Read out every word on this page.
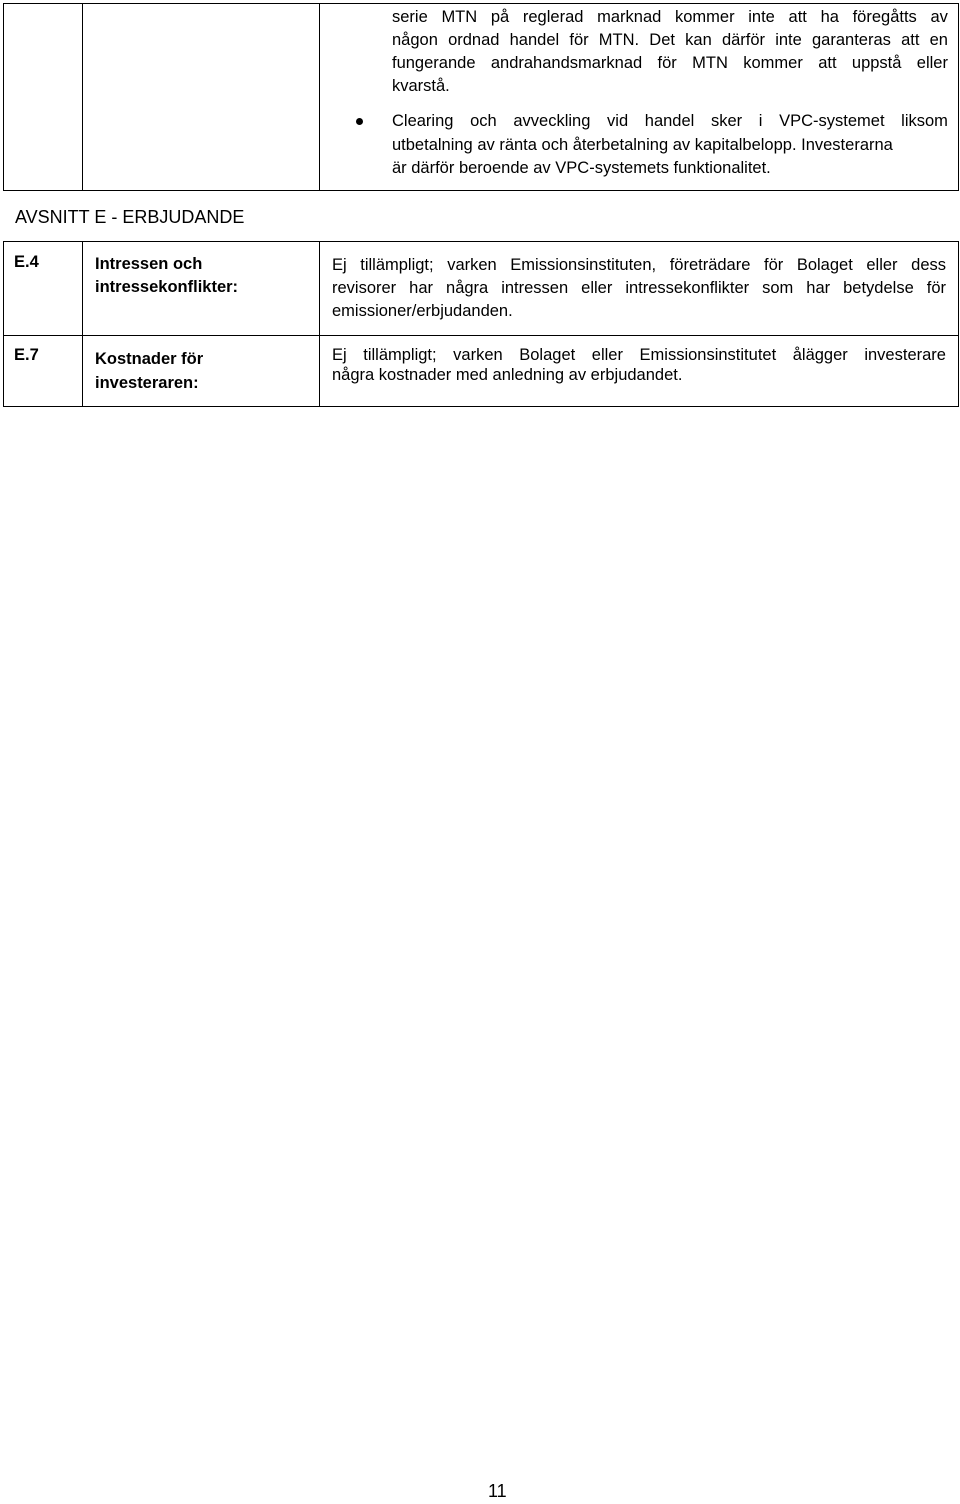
serie MTN på reglerad marknad kommer inte att ha föregåtts av
någon ordnad handel för MTN. Det kan därför inte garanteras att en
fungerande andrahandsmarknad för MTN kommer att uppstå eller
kvarstå.
Clearing och avveckling vid handel sker i VPC-systemet liksom
utbetalning av ränta och återbetalning av kapitalbelopp. Investerarna
är därför beroende av VPC-systemets funktionalitet.
AVSNITT E - ERBJUDANDE
E.4	Intressen och
intressekonflikter:
Ej tillämpligt; varken Emissionsinstituten, företrädare för Bolaget eller dess
revisorer har några intressen eller intressekonflikter som har betydelse för
emissioner/erbjudanden.
E.7	Kostnader för
investeraren:
Ej tillämpligt; varken Bolaget eller Emissionsinstitutet ålägger investerare
några kostnader med anledning av erbjudandet.
11
